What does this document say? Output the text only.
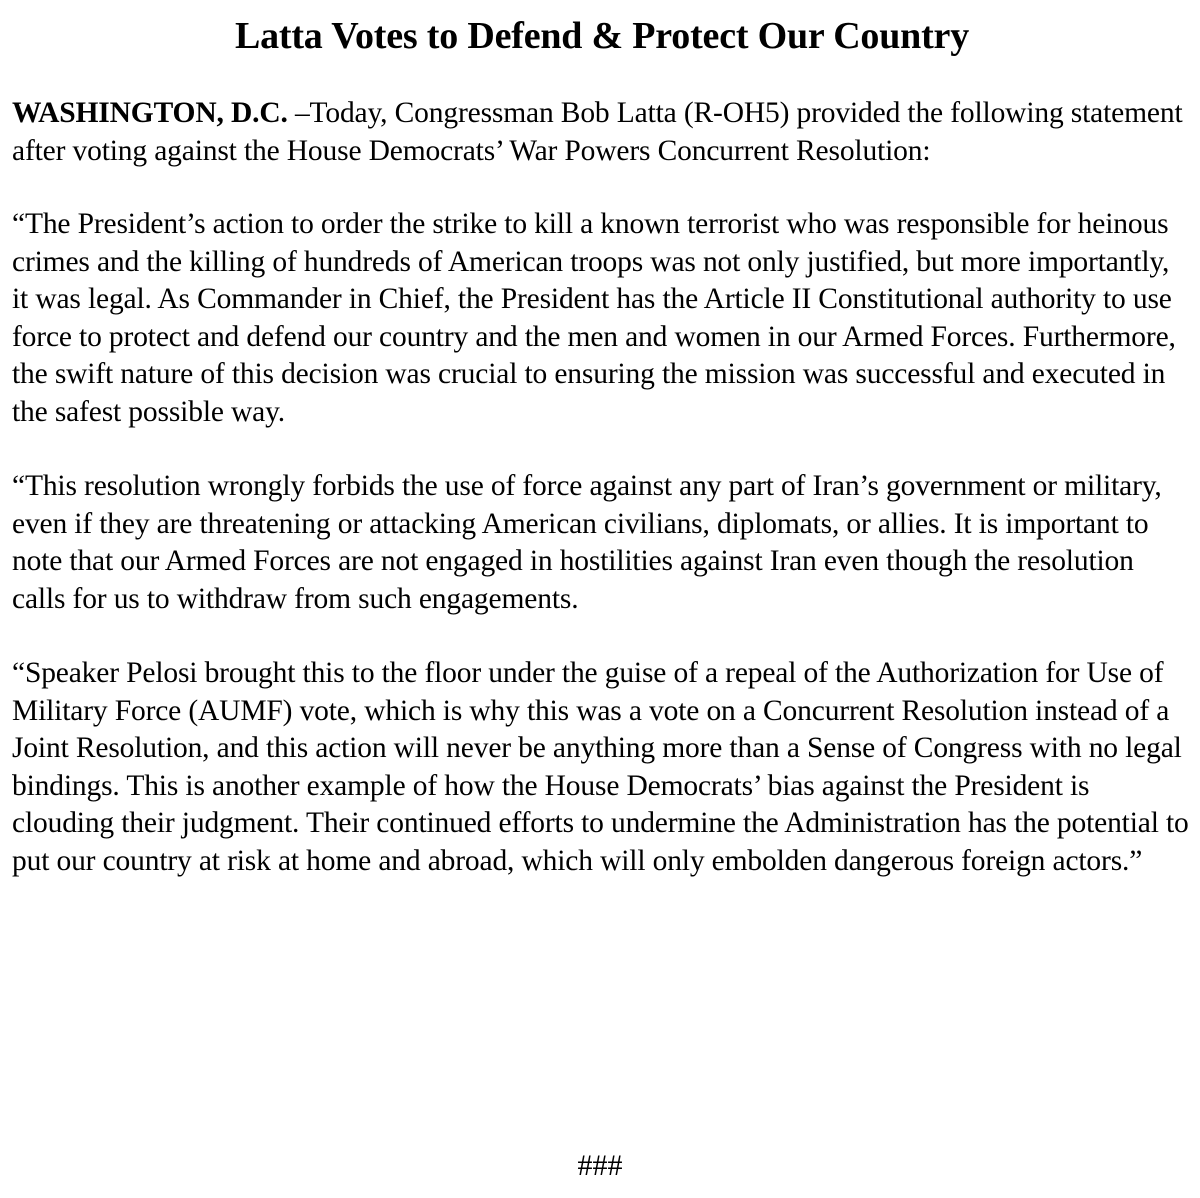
Latta Votes to Defend & Protect Our Country

WASHINGTON, D.C. –Today, Congressman Bob Latta (R-OH5) provided the following statement after voting against the House Democrats’ War Powers Concurrent Resolution:

“The President’s action to order the strike to kill a known terrorist who was responsible for heinous crimes and the killing of hundreds of American troops was not only justified, but more importantly, it was legal. As Commander in Chief, the President has the Article II Constitutional authority to use force to protect and defend our country and the men and women in our Armed Forces. Furthermore, the swift nature of this decision was crucial to ensuring the mission was successful and executed in the safest possible way.

“This resolution wrongly forbids the use of force against any part of Iran’s government or military, even if they are threatening or attacking American civilians, diplomats, or allies. It is important to note that our Armed Forces are not engaged in hostilities against Iran even though the resolution calls for us to withdraw from such engagements.

“Speaker Pelosi brought this to the floor under the guise of a repeal of the Authorization for Use of Military Force (AUMF) vote, which is why this was a vote on a Concurrent Resolution instead of a Joint Resolution, and this action will never be anything more than a Sense of Congress with no legal bindings. This is another example of how the House Democrats’ bias against the President is clouding their judgment. Their continued efforts to undermine the Administration has the potential to put our country at risk at home and abroad, which will only embolden dangerous foreign actors.”

###
